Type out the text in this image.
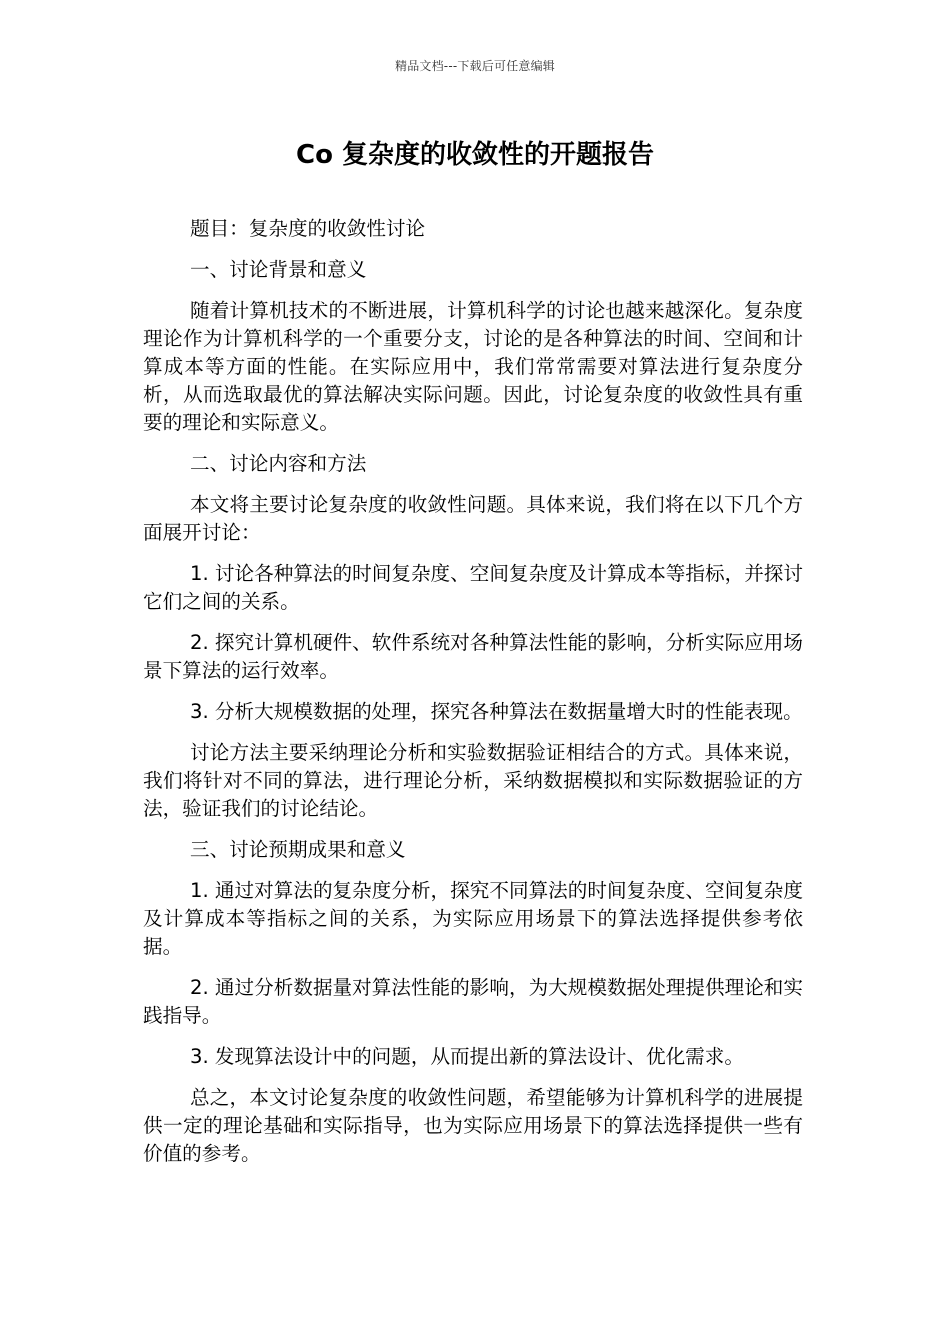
精品文档---下载后可任意编辑
Co 复杂度的收敛性的开题报告

题目：复杂度的收敛性讨论

一、讨论背景和意义

随着计算机技术的不断进展，计算机科学的讨论也越来越深化。复杂度理论作为计算机科学的一个重要分支，讨论的是各种算法的时间、空间和计算成本等方面的性能。在实际应用中，我们常常需要对算法进行复杂度分析，从而选取最优的算法解决实际问题。因此，讨论复杂度的收敛性具有重要的理论和实际意义。

二、讨论内容和方法

本文将主要讨论复杂度的收敛性问题。具体来说，我们将在以下几个方面展开讨论：

1. 讨论各种算法的时间复杂度、空间复杂度及计算成本等指标，并探讨它们之间的关系。

2. 探究计算机硬件、软件系统对各种算法性能的影响，分析实际应用场景下算法的运行效率。

3. 分析大规模数据的处理，探究各种算法在数据量增大时的性能表现。

讨论方法主要采纳理论分析和实验数据验证相结合的方式。具体来说，我们将针对不同的算法，进行理论分析，采纳数据模拟和实际数据验证的方法，验证我们的讨论结论。

三、讨论预期成果和意义

1. 通过对算法的复杂度分析，探究不同算法的时间复杂度、空间复杂度及计算成本等指标之间的关系，为实际应用场景下的算法选择提供参考依据。

2. 通过分析数据量对算法性能的影响，为大规模数据处理提供理论和实践指导。

3. 发现算法设计中的问题，从而提出新的算法设计、优化需求。

总之，本文讨论复杂度的收敛性问题，希望能够为计算机科学的进展提供一定的理论基础和实际指导，也为实际应用场景下的算法选择提供一些有价值的参考。
